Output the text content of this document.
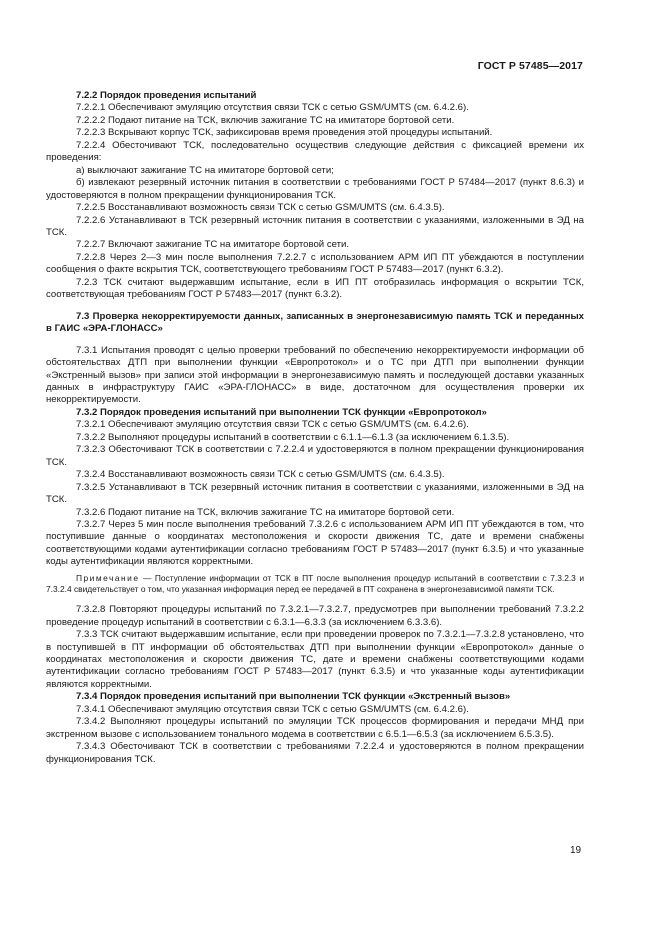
ГОСТ Р 57485—2017

7.2.2 Порядок проведения испытаний

7.2.2.1 Обеспечивают эмуляцию отсутствия связи ТСК с сетью GSM/UMTS (см. 6.4.2.6).

7.2.2.2 Подают питание на ТСК, включив зажигание ТС на имитаторе бортовой сети.

7.2.2.3 Вскрывают корпус ТСК, зафиксировав время проведения этой процедуры испытаний.

7.2.2.4 Обесточивают ТСК, последовательно осуществив следующие действия с фиксацией времени их проведения:

а) выключают зажигание ТС на имитаторе бортовой сети;

б) извлекают резервный источник питания в соответствии с требованиями ГОСТ Р 57484—2017 (пункт 8.6.3) и удостоверяются в полном прекращении функционирования ТСК.

7.2.2.5 Восстанавливают возможность связи ТСК с сетью GSM/UMTS (см. 6.4.3.5).

7.2.2.6 Устанавливают в ТСК резервный источник питания в соответствии с указаниями, изложенными в ЭД на ТСК.

7.2.2.7 Включают зажигание ТС на имитаторе бортовой сети.

7.2.2.8 Через 2—3 мин после выполнения 7.2.2.7 с использованием АРМ ИП ПТ убеждаются в поступлении сообщения о факте вскрытия ТСК, соответствующего требованиям ГОСТ Р 57483—2017 (пункт 6.3.2).

7.2.3 ТСК считают выдержавшим испытание, если в ИП ПТ отобразилась информация о вскрытии ТСК, соответствующая требованиям ГОСТ Р 57483—2017 (пункт 6.3.2).

7.3 Проверка некорректируемости данных, записанных в энергонезависимую память ТСК и переданных в ГАИС «ЭРА-ГЛОНАСС»

7.3.1 Испытания проводят с целью проверки требований по обеспечению некорректируемости информации об обстоятельствах ДТП при выполнении функции «Европротокол» и о ТС при ДТП при выполнении функции «Экстренный вызов» при записи этой информации в энергонезависимую память и последующей доставки указанных данных в инфраструктуру ГАИС «ЭРА-ГЛОНАСС» в виде, достаточном для осуществления проверки их некорректируемости.

7.3.2 Порядок проведения испытаний при выполнении ТСК функции «Европротокол»

7.3.2.1 Обеспечивают эмуляцию отсутствия связи ТСК с сетью GSM/UMTS (см. 6.4.2.6).

7.3.2.2 Выполняют процедуры испытаний в соответствии с 6.1.1—6.1.3 (за исключением 6.1.3.5).

7.3.2.3 Обесточивают ТСК в соответствии с 7.2.2.4 и удостоверяются в полном прекращении функционирования ТСК.

7.3.2.4 Восстанавливают возможность связи ТСК с сетью GSM/UMTS (см. 6.4.3.5).

7.3.2.5 Устанавливают в ТСК резервный источник питания в соответствии с указаниями, изложенными в ЭД на ТСК.

7.3.2.6 Подают питание на ТСК, включив зажигание ТС на имитаторе бортовой сети.

7.3.2.7 Через 5 мин после выполнения требований 7.3.2.6 с использованием АРМ ИП ПТ убеждаются в том, что поступившие данные о координатах местоположения и скорости движения ТС, дате и времени снабжены соответствующими кодами аутентификации согласно требованиям ГОСТ Р 57483—2017 (пункт 6.3.5) и что указанные коды аутентификации являются корректными.

Примечание — Поступление информации от ТСК в ПТ после выполнения процедур испытаний в соответствии с 7.3.2.3 и 7.3.2.4 свидетельствует о том, что указанная информация перед ее передачей в ПТ сохранена в энергонезависимой памяти ТСК.

7.3.2.8 Повторяют процедуры испытаний по 7.3.2.1—7.3.2.7, предусмотрев при выполнении требований 7.3.2.2 проведение процедур испытаний в соответствии с 6.3.1—6.3.3 (за исключением 6.3.3.6).

7.3.3 ТСК считают выдержавшим испытание, если при проведении проверок по 7.3.2.1—7.3.2.8 установлено, что в поступившей в ПТ информации об обстоятельствах ДТП при выполнении функции «Европротокол» данные о координатах местоположения и скорости движения ТС, дате и времени снабжены соответствующими кодами аутентификации согласно требованиям ГОСТ Р 57483—2017 (пункт 6.3.5) и что указанные коды аутентификации являются корректными.

7.3.4 Порядок проведения испытаний при выполнении ТСК функции «Экстренный вызов»

7.3.4.1 Обеспечивают эмуляцию отсутствия связи ТСК с сетью GSM/UMTS (см. 6.4.2.6).

7.3.4.2 Выполняют процедуры испытаний по эмуляции ТСК процессов формирования и передачи МНД при экстренном вызове с использованием тонального модема в соответствии с 6.5.1—6.5.3 (за исключением 6.5.3.5).

7.3.4.3 Обесточивают ТСК в соответствии с требованиями 7.2.2.4 и удостоверяются в полном прекращении функционирования ТСК.

19
